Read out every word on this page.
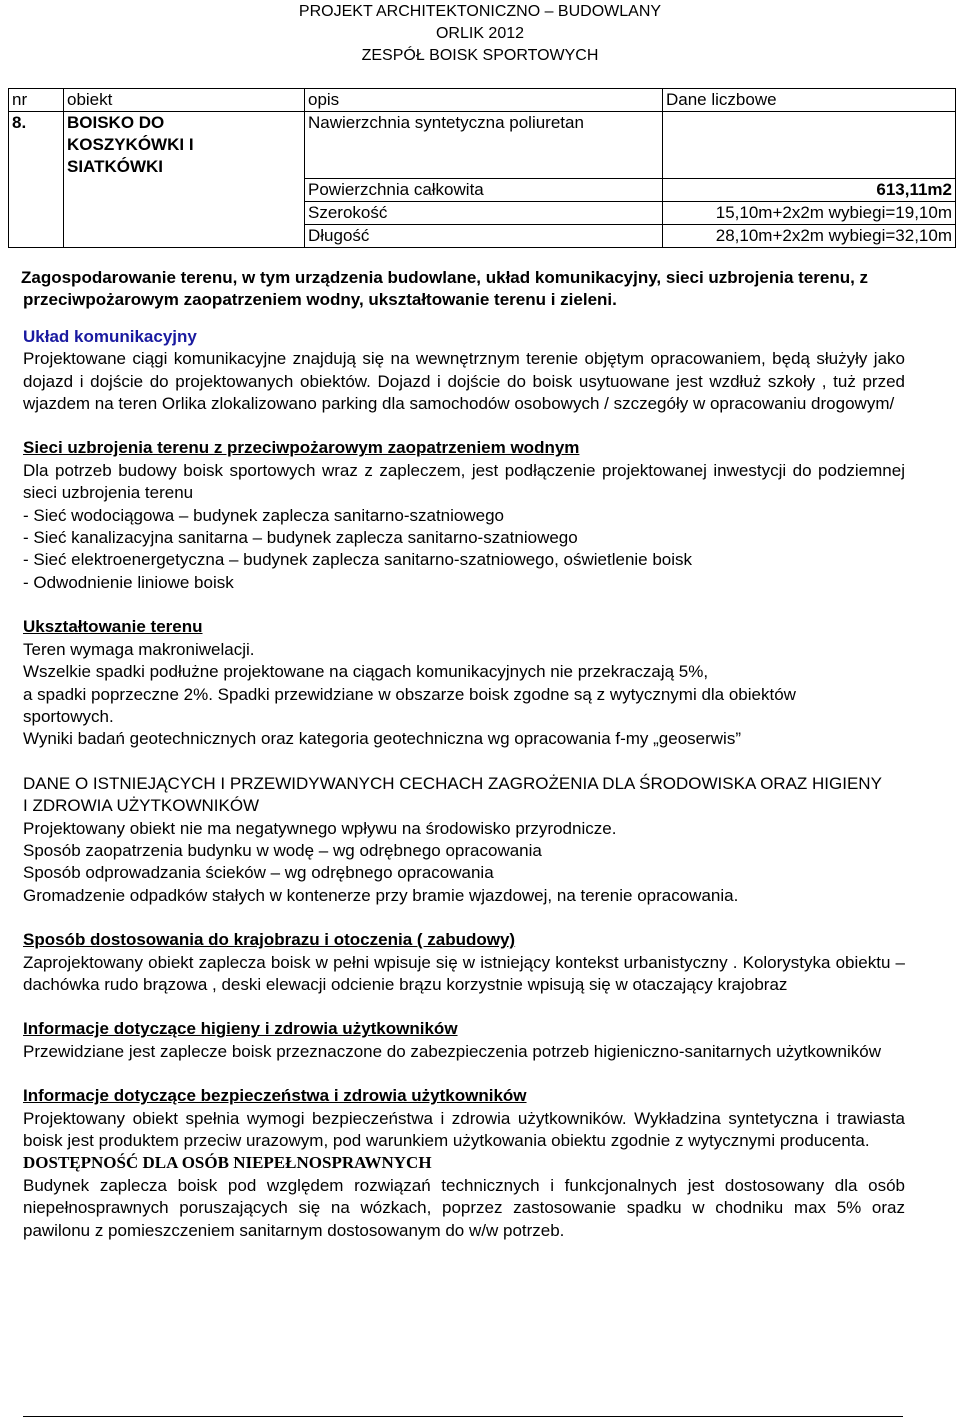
PROJEKT ARCHITEKTONICZNO – BUDOWLANY
ORLIK 2012
ZESPÓŁ BOISK SPORTOWYCH
nr	obiekt	opis	Dane liczbowe
8.	BOISKO DO KOSZYKÓWKI I SIATKÓWKI	Nawierzchnia syntetyczna poliuretan	
		Powierzchnia całkowita	613,11m2
		Szerokość	15,10m+2x2m wybiegi=19,10m
		Długość	28,10m+2x2m wybiegi=32,10m

Zagospodarowanie terenu, w tym urządzenia budowlane, układ komunikacyjny, sieci uzbrojenia terenu, z przeciwpożarowym zaopatrzeniem wodny, ukształtowanie terenu i zieleni.

Układ komunikacyjny

Projektowane ciągi komunikacyjne znajdują się na wewnętrznym terenie objętym opracowaniem, będą służyły jako dojazd i dojście do projektowanych obiektów. Dojazd i dojście do boisk usytuowane jest wzdłuż szkoły , tuż przed wjazdem na teren Orlika zlokalizowano parking dla samochodów osobowych / szczegóły w opracowaniu drogowym/

Sieci uzbrojenia terenu z przeciwpożarowym zaopatrzeniem wodnym

Dla potrzeb budowy boisk sportowych wraz z zapleczem, jest podłączenie projektowanej inwestycji do podziemnej sieci uzbrojenia terenu

- Sieć wodociągowa – budynek zaplecza sanitarno-szatniowego

- Sieć kanalizacyjna sanitarna – budynek zaplecza sanitarno-szatniowego

- Sieć elektroenergetyczna – budynek zaplecza sanitarno-szatniowego, oświetlenie boisk

- Odwodnienie liniowe boisk

Ukształtowanie terenu

Teren wymaga makroniwelacji.

Wszelkie spadki podłużne projektowane na ciągach komunikacyjnych nie przekraczają 5%,

a spadki poprzeczne 2%. Spadki przewidziane w obszarze boisk zgodne są z wytycznymi dla obiektów sportowych.

Wyniki badań geotechnicznych oraz kategoria geotechniczna wg opracowania f-my „geoserwis”

DANE O ISTNIEJĄCYCH I PRZEWIDYWANYCH CECHACH ZAGROŻENIA DLA ŚRODOWISKA ORAZ HIGIENY I ZDROWIA UŻYTKOWNIKÓW

Projektowany obiekt nie ma negatywnego wpływu na środowisko przyrodnicze.

Sposób zaopatrzenia budynku w wodę – wg odrębnego opracowania

Sposób odprowadzania ścieków – wg odrębnego opracowania

Gromadzenie odpadków stałych w kontenerze przy bramie wjazdowej, na terenie opracowania.

Sposób dostosowania do krajobrazu i otoczenia ( zabudowy)

Zaprojektowany obiekt zaplecza boisk w pełni wpisuje się w istniejący kontekst urbanistyczny . Kolorystyka obiektu – dachówka rudo brązowa , deski elewacji odcienie brązu korzystnie wpisują się w otaczający krajobraz

Informacje dotyczące higieny i zdrowia użytkowników

Przewidziane jest zaplecze boisk przeznaczone do zabezpieczenia potrzeb higieniczno-sanitarnych użytkowników

Informacje dotyczące bezpieczeństwa i zdrowia użytkowników

Projektowany obiekt spełnia wymogi bezpieczeństwa i zdrowia użytkowników. Wykładzina syntetyczna i trawiasta boisk jest produktem przeciw urazowym, pod warunkiem użytkowania obiektu zgodnie z wytycznymi producenta.

DOSTĘPNOŚĆ DLA OSÓB NIEPEŁNOSPRAWNYCH

Budynek zaplecza boisk pod względem rozwiązań technicznych i funkcjonalnych jest dostosowany dla osób niepełnosprawnych poruszających się na wózkach, poprzez zastosowanie spadku w chodniku max 5% oraz pawilonu z pomieszczeniem sanitarnym dostosowanym do w/w potrzeb.
